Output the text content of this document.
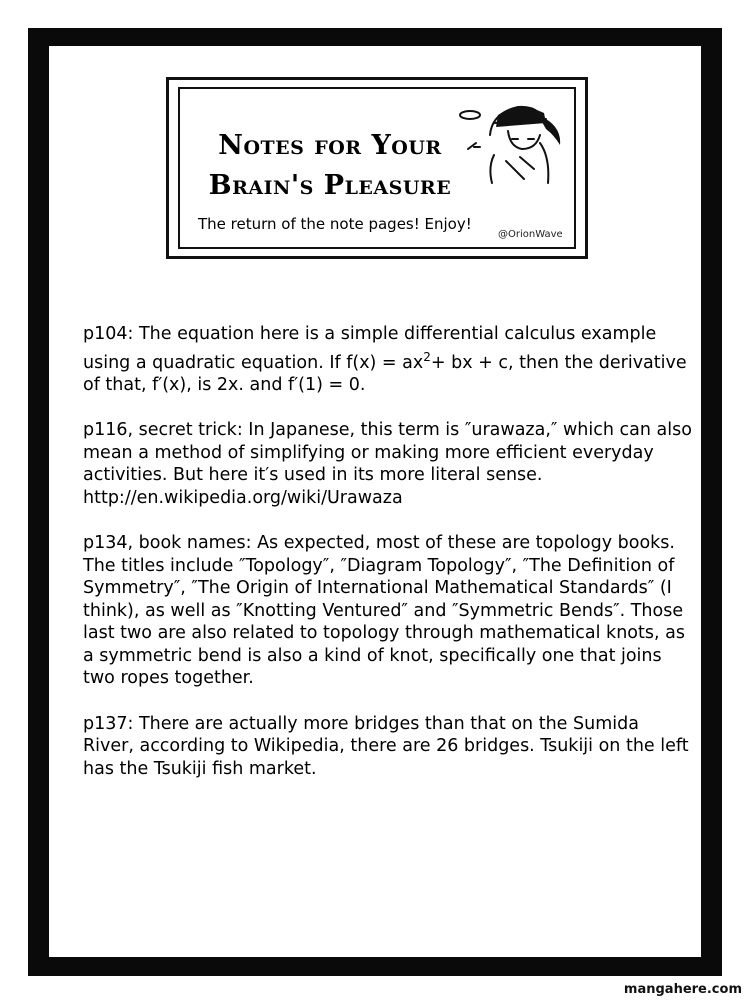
Notes for Your
Brain's Pleasure
The return of the note pages! Enjoy!
@OrionWave

p104: The equation here is a simple differential calculus example using a quadratic equation. If $f(x) = ax^2+$ bx + c, then the derivative of that, f′(x), is 2x. and f′(1) = 0.

p116, secret trick: In Japanese, this term is ″urawaza,″ which can also mean a method of simplifying or making more efficient everyday activities. But here it′s used in its more literal sense.
http://en.wikipedia.org/wiki/Urawaza

p134, book names: As expected, most of these are topology books. The titles include ″Topology″, ″Diagram Topology″, ″The Definition of Symmetry″, ″The Origin of International Mathematical Standards″ (I think), as well as ″Knotting Ventured″ and ″Symmetric Bends″. Those last two are also related to topology through mathematical knots, as a symmetric bend is also a kind of knot, specifically one that joins two ropes together.

p137: There are actually more bridges than that on the Sumida River, according to Wikipedia, there are 26 bridges. Tsukiji on the left has the Tsukiji fish market.

mangahere.com
